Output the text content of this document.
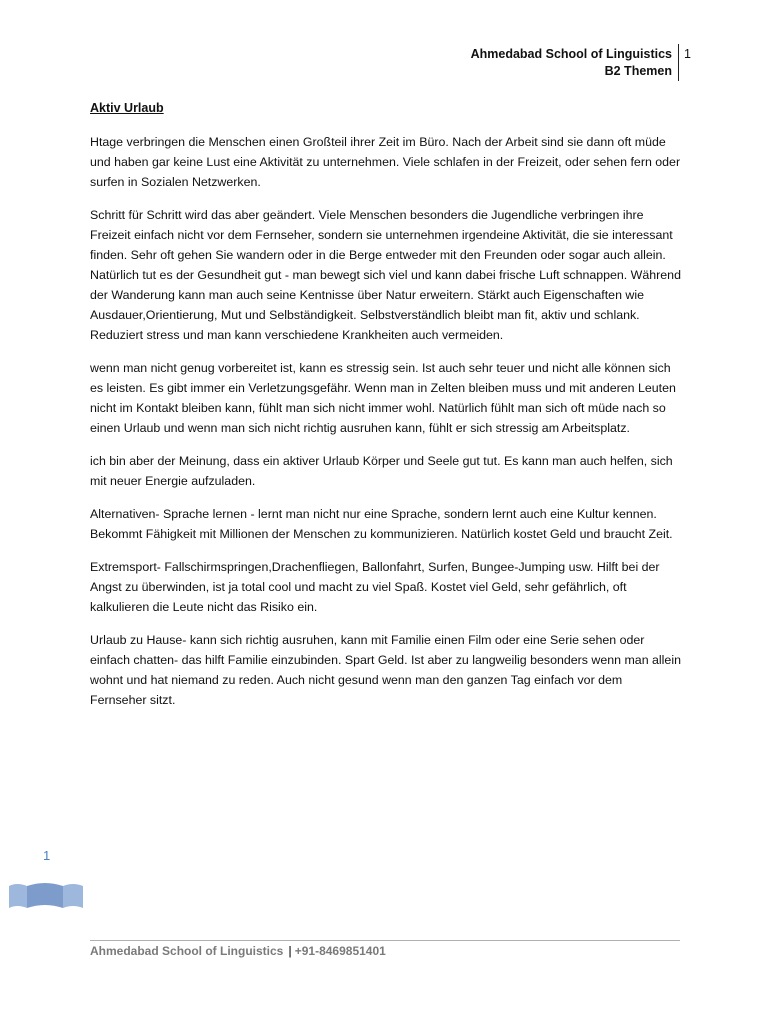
Ahmedabad School of Linguistics
B2 Themen
1
Aktiv Urlaub

Htage verbringen die Menschen einen Großteil ihrer Zeit im Büro. Nach der Arbeit sind sie dann oft müde und haben gar keine Lust eine Aktivität zu unternehmen. Viele schlafen in der Freizeit, oder sehen fern oder surfen in Sozialen Netzwerken.

Schritt für Schritt wird das aber geändert. Viele Menschen besonders die Jugendliche verbringen ihre Freizeit einfach nicht vor dem Fernseher, sondern sie unternehmen irgendeine Aktivität, die sie interessant finden. Sehr oft gehen Sie wandern oder in die Berge entweder mit den Freunden oder sogar auch allein. Natürlich tut es der Gesundheit gut - man bewegt sich viel und kann dabei frische Luft schnappen. Während der Wanderung kann man auch seine Kentnisse über Natur erweitern. Stärkt auch Eigenschaften wie Ausdauer,Orientierung, Mut und Selbständigkeit. Selbstverständlich bleibt man fit, aktiv und schlank. Reduziert stress und man kann verschiedene Krankheiten auch vermeiden.

wenn man nicht genug vorbereitet ist, kann es stressig sein. Ist auch sehr teuer und nicht alle können sich es leisten. Es gibt immer ein Verletzungsgefähr. Wenn man in Zelten bleiben muss und mit anderen Leuten nicht im Kontakt bleiben kann, fühlt man sich nicht immer wohl. Natürlich fühlt man sich oft müde nach so einen Urlaub und wenn man sich nicht richtig ausruhen kann, fühlt er sich stressig am Arbeitsplatz.

ich bin aber der Meinung, dass ein aktiver Urlaub Körper und Seele gut tut. Es kann man auch helfen, sich mit neuer Energie aufzuladen.

Alternativen- Sprache lernen - lernt man nicht nur eine Sprache, sondern lernt auch eine Kultur kennen. Bekommt Fähigkeit mit Millionen der Menschen zu kommunizieren. Natürlich kostet Geld und braucht Zeit.

Extremsport- Fallschirmspringen,Drachenfliegen, Ballonfahrt, Surfen, Bungee-Jumping usw. Hilft bei der Angst zu überwinden, ist ja total cool und macht zu viel Spaß. Kostet viel Geld, sehr gefährlich, oft kalkulieren die Leute nicht das Risiko ein.

Urlaub zu Hause- kann sich richtig ausruhen, kann mit Familie einen Film oder eine Serie sehen oder einfach chatten- das hilft Familie einzubinden. Spart Geld. Ist aber zu langweilig besonders wenn man allein wohnt und hat niemand zu reden. Auch nicht gesund wenn man den ganzen Tag einfach vor dem Fernseher sitzt.

1
Ahmedabad School of Linguistics | +91-8469851401
